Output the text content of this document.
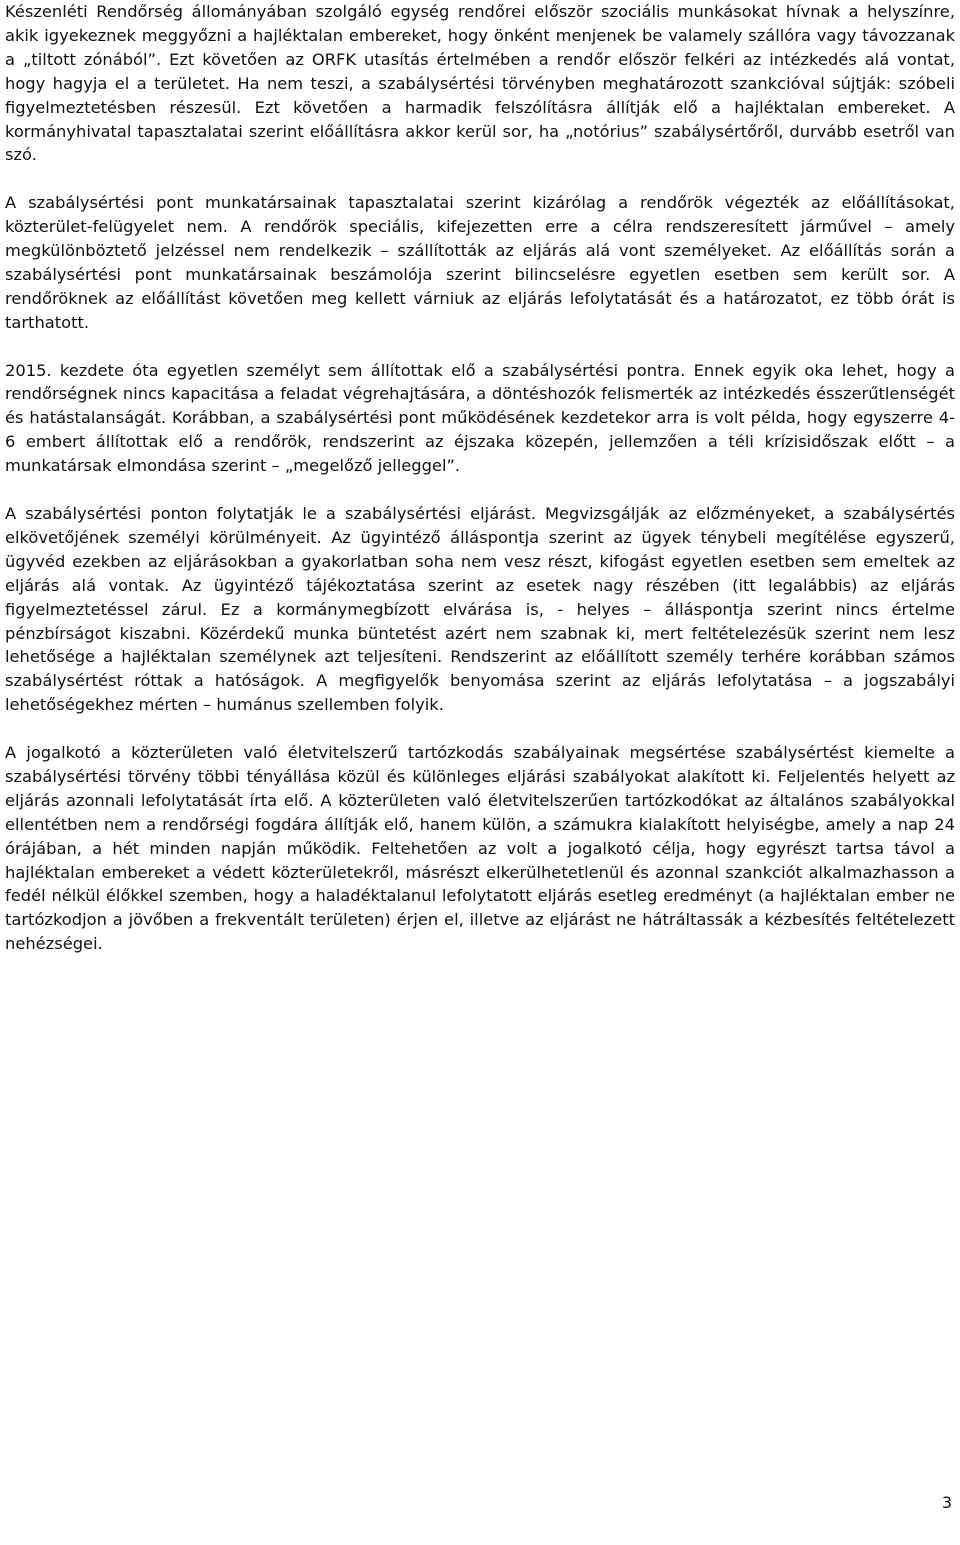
Készenléti Rendőrség állományában szolgáló egység rendőrei először szociális munkásokat hívnak a helyszínre, akik igyekeznek meggyőzni a hajléktalan embereket, hogy önként menjenek be valamely szállóra vagy távozzanak a „tiltott zónából”. Ezt követően az ORFK utasítás értelmében a rendőr először felkéri az intézkedés alá vontat, hogy hagyja el a területet. Ha nem teszi, a szabálysértési törvényben meghatározott szankcióval sújtják: szóbeli figyelmeztetésben részesül. Ezt követően a harmadik felszólításra állítják elő a hajléktalan embereket. A kormányhivatal tapasztalatai szerint előállításra akkor kerül sor, ha „notórius” szabálysértőről, durvább esetről van szó.

A szabálysértési pont munkatársainak tapasztalatai szerint kizárólag a rendőrök végezték az előállításokat, közterület-felügyelet nem. A rendőrök speciális, kifejezetten erre a célra rendszeresített járművel – amely megkülönböztető jelzéssel nem rendelkezik – szállították az eljárás alá vont személyeket. Az előállítás során a szabálysértési pont munkatársainak beszámolója szerint bilincselésre egyetlen esetben sem került sor. A rendőröknek az előállítást követően meg kellett várniuk az eljárás lefolytatását és a határozatot, ez több órát is tarthatott.

2015. kezdete óta egyetlen személyt sem állítottak elő a szabálysértési pontra. Ennek egyik oka lehet, hogy a rendőrségnek nincs kapacitása a feladat végrehajtására, a döntéshozók felismerték az intézkedés ésszerűtlenségét és hatástalanságát. Korábban, a szabálysértési pont működésének kezdetekor arra is volt példa, hogy egyszerre 4-6 embert állítottak elő a rendőrök, rendszerint az éjszaka közepén, jellemzően a téli krízisidőszak előtt – a munkatársak elmondása szerint – „megelőző jelleggel”.

A szabálysértési ponton folytatják le a szabálysértési eljárást. Megvizsgálják az előzményeket, a szabálysértés elkövetőjének személyi körülményeit. Az ügyintéző álláspontja szerint az ügyek ténybeli megítélése egyszerű, ügyvéd ezekben az eljárásokban a gyakorlatban soha nem vesz részt, kifogást egyetlen esetben sem emeltek az eljárás alá vontak. Az ügyintéző tájékoztatása szerint az esetek nagy részében (itt legalábbis) az eljárás figyelmeztetéssel zárul. Ez a kormánymegbízott elvárása is, - helyes – álláspontja szerint nincs értelme pénzbírságot kiszabni. Közérdekű munka büntetést azért nem szabnak ki, mert feltételezésük szerint nem lesz lehetősége a hajléktalan személynek azt teljesíteni. Rendszerint az előállított személy terhére korábban számos szabálysértést róttak a hatóságok. A megfigyelők benyomása szerint az eljárás lefolytatása – a jogszabályi lehetőségekhez mérten – humánus szellemben folyik.

A jogalkotó a közterületen való életvitelszerű tartózkodás szabályainak megsértése szabálysértést kiemelte a szabálysértési törvény többi tényállása közül és különleges eljárási szabályokat alakított ki. Feljelentés helyett az eljárás azonnali lefolytatását írta elő. A közterületen való életvitelszerűen tartózkodókat az általános szabályokkal ellentétben nem a rendőrségi fogdára állítják elő, hanem külön, a számukra kialakított helyiségbe, amely a nap 24 órájában, a hét minden napján működik. Feltehetően az volt a jogalkotó célja, hogy egyrészt tartsa távol a hajléktalan embereket a védett közterületekről, másrészt elkerülhetetlenül és azonnal szankciót alkalmazhasson a fedél nélkül élőkkel szemben, hogy a haladéktalanul lefolytatott eljárás esetleg eredményt (a hajléktalan ember ne tartózkodjon a jövőben a frekventált területen) érjen el, illetve az eljárást ne hátráltassák a kézbesítés feltételezett nehézségei.

3
